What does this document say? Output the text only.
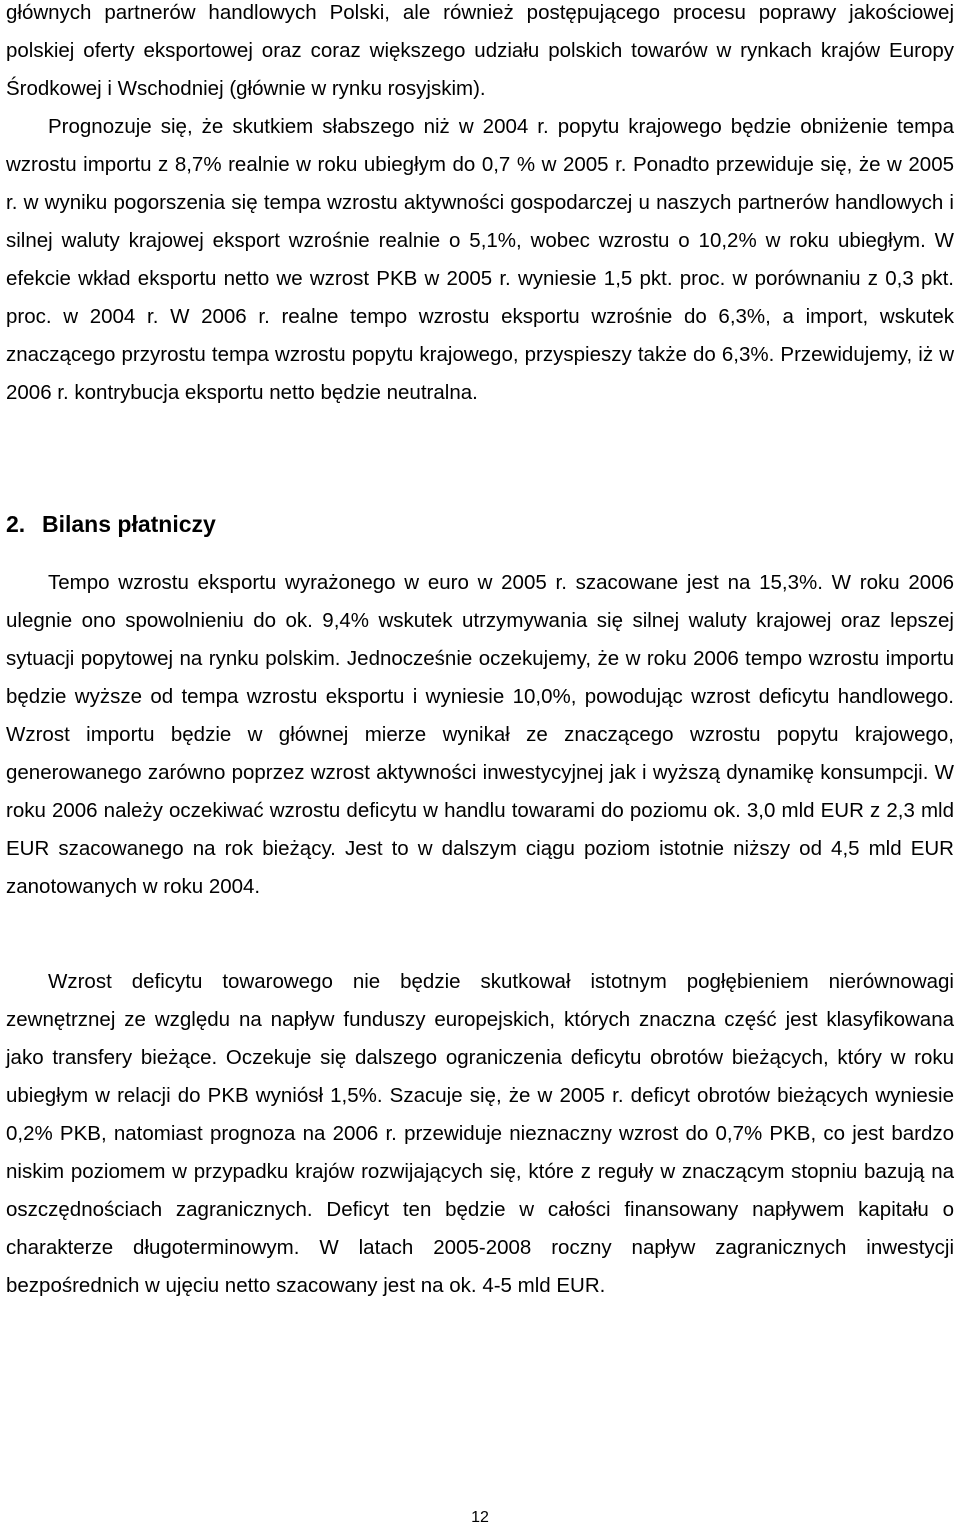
głównych partnerów handlowych Polski, ale również postępującego procesu poprawy jakościowej polskiej oferty eksportowej oraz coraz większego udziału polskich towarów w rynkach krajów Europy Środkowej i Wschodniej (głównie w rynku rosyjskim).

Prognozuje się, że skutkiem słabszego niż w 2004 r. popytu krajowego będzie obniżenie tempa wzrostu importu z 8,7% realnie w roku ubiegłym do 0,7 % w 2005 r. Ponadto przewiduje się, że w 2005 r. w wyniku pogorszenia się tempa wzrostu aktywności gospodarczej u naszych partnerów handlowych i silnej waluty krajowej eksport wzrośnie realnie o 5,1%, wobec wzrostu o 10,2% w roku ubiegłym. W efekcie wkład eksportu netto we wzrost PKB w 2005 r. wyniesie 1,5 pkt. proc. w porównaniu z 0,3 pkt. proc. w 2004 r. W 2006 r. realne tempo wzrostu eksportu wzrośnie do 6,3%, a import, wskutek znaczącego przyrostu tempa wzrostu popytu krajowego, przyspieszy także do 6,3%. Przewidujemy, iż w 2006 r. kontrybucja eksportu netto będzie neutralna.

2. Bilans płatniczy

Tempo wzrostu eksportu wyrażonego w euro w 2005 r. szacowane jest na 15,3%. W roku 2006 ulegnie ono spowolnieniu do ok. 9,4% wskutek utrzymywania się silnej waluty krajowej oraz lepszej sytuacji popytowej na rynku polskim. Jednocześnie oczekujemy, że w roku 2006 tempo wzrostu importu będzie wyższe od tempa wzrostu eksportu i wyniesie 10,0%, powodując wzrost deficytu handlowego. Wzrost importu będzie w głównej mierze wynikał ze znaczącego wzrostu popytu krajowego, generowanego zarówno poprzez wzrost aktywności inwestycyjnej jak i wyższą dynamikę konsumpcji. W roku 2006 należy oczekiwać wzrostu deficytu w handlu towarami do poziomu ok. 3,0 mld EUR z 2,3 mld EUR szacowanego na rok bieżący. Jest to w dalszym ciągu poziom istotnie niższy od 4,5 mld EUR zanotowanych w roku 2004.

Wzrost deficytu towarowego nie będzie skutkował istotnym pogłębieniem nierównowagi zewnętrznej ze względu na napływ funduszy europejskich, których znaczna część jest klasyfikowana jako transfery bieżące. Oczekuje się dalszego ograniczenia deficytu obrotów bieżących, który w roku ubiegłym w relacji do PKB wyniósł 1,5%. Szacuje się, że w 2005 r. deficyt obrotów bieżących wyniesie 0,2% PKB, natomiast prognoza na 2006 r. przewiduje nieznaczny wzrost do 0,7% PKB, co jest bardzo niskim poziomem w przypadku krajów rozwijających się, które z reguły w znaczącym stopniu bazują na oszczędnościach zagranicznych. Deficyt ten będzie w całości finansowany napływem kapitału o charakterze długoterminowym. W latach 2005-2008 roczny napływ zagranicznych inwestycji bezpośrednich w ujęciu netto szacowany jest na ok. 4-5 mld EUR.

12
